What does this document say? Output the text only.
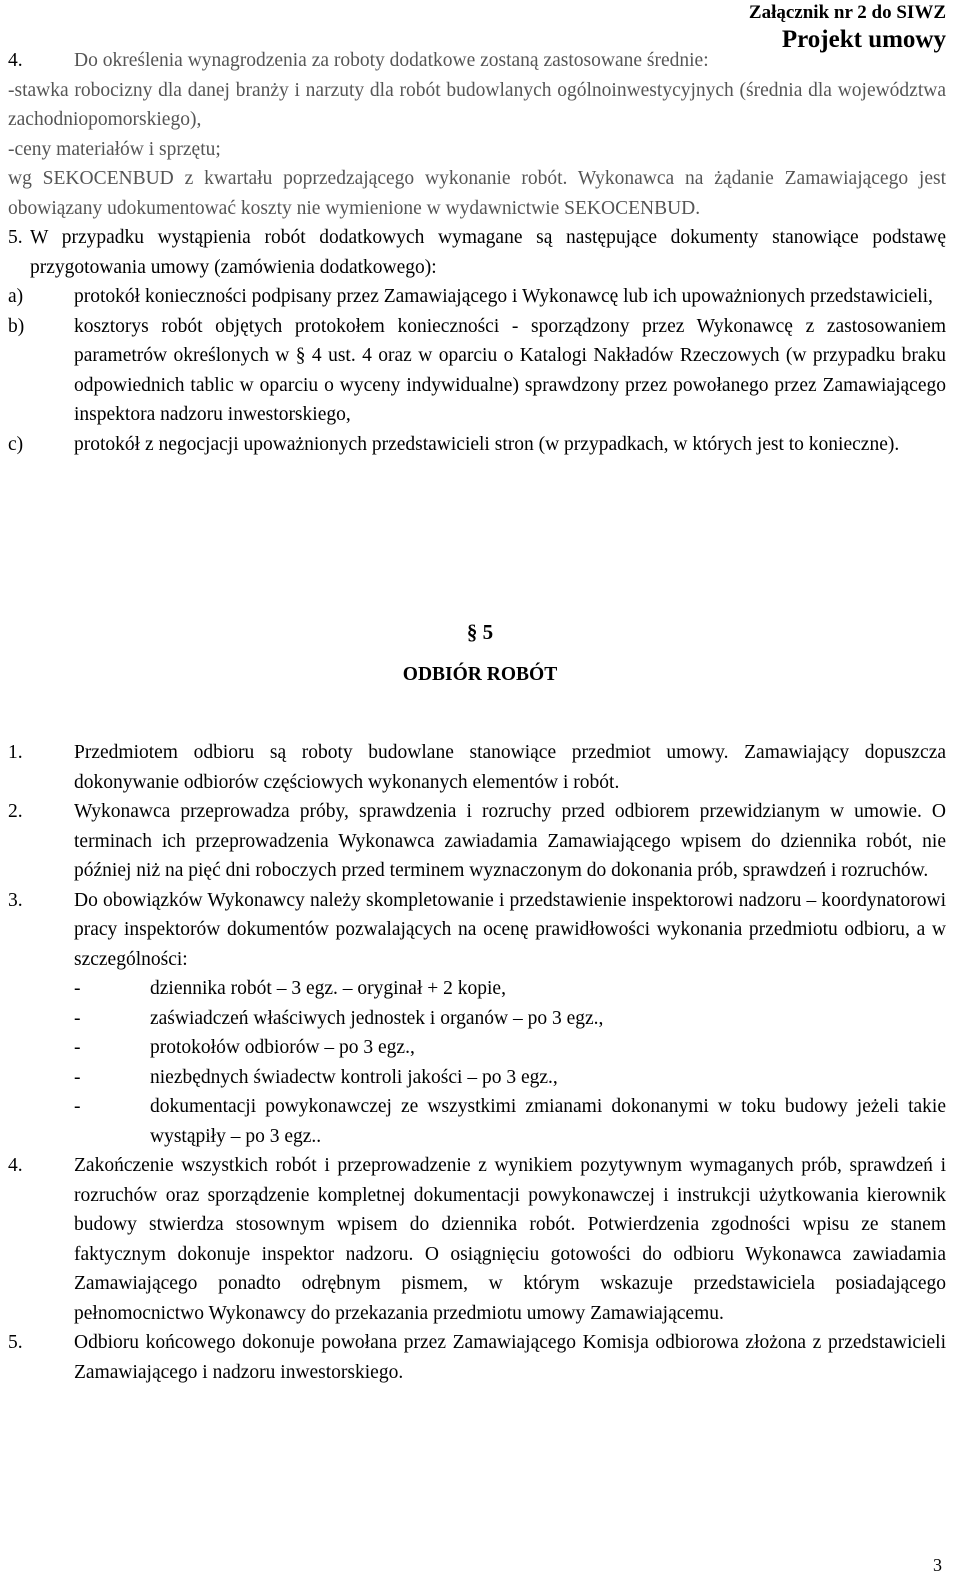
Załącznik nr 2 do SIWZ
Projekt umowy
4.	Do określenia wynagrodzenia za roboty dodatkowe zostaną zastosowane średnie:
-stawka robocizny dla danej branży i narzuty dla robót budowlanych ogólnoinwestycyjnych (średnia dla województwa zachodniopomorskiego),
-ceny materiałów i sprzętu;
wg SEKOCENBUD z kwartału poprzedzającego wykonanie robót. Wykonawca na żądanie Zamawiającego jest obowiązany udokumentować koszty nie wymienione w wydawnictwie SEKOCENBUD.
5. W przypadku wystąpienia robót dodatkowych wymagane są następujące dokumenty stanowiące podstawę przygotowania umowy (zamówienia dodatkowego):
a)	protokół konieczności podpisany przez Zamawiającego i Wykonawcę lub ich upoważnionych przedstawicieli,
b)	kosztorys robót objętych protokołem konieczności - sporządzony przez Wykonawcę z zastosowaniem parametrów określonych w § 4 ust. 4 oraz w oparciu o Katalogi Nakładów Rzeczowych (w przypadku braku odpowiednich tablic w oparciu o wyceny indywidualne) sprawdzony przez powołanego przez Zamawiającego inspektora nadzoru inwestorskiego,
c)	protokół z negocjacji upoważnionych przedstawicieli stron (w przypadkach, w których jest to konieczne).
§ 5
ODBIÓR ROBÓT
1.	Przedmiotem odbioru są roboty budowlane stanowiące przedmiot umowy. Zamawiający dopuszcza dokonywanie odbiorów częściowych wykonanych elementów i robót.
2.	Wykonawca przeprowadza próby, sprawdzenia i rozruchy przed odbiorem przewidzianym w umowie. O terminach ich przeprowadzenia Wykonawca zawiadamia Zamawiającego wpisem do dziennika robót, nie później niż na pięć dni roboczych przed terminem wyznaczonym do dokonania prób, sprawdzeń i rozruchów.
3.	Do obowiązków Wykonawcy należy skompletowanie i przedstawienie inspektorowi nadzoru – koordynatorowi pracy inspektorów dokumentów pozwalających na ocenę prawidłowości wykonania przedmiotu odbioru, a w szczególności:
-	dziennika robót – 3 egz. – oryginał + 2 kopie,
-	zaświadczeń właściwych jednostek i organów – po 3 egz.,
-	protokołów odbiorów – po 3 egz.,
-	niezbędnych świadectw kontroli jakości – po 3 egz.,
-	dokumentacji powykonawczej ze wszystkimi zmianami dokonanymi w toku budowy jeżeli takie wystąpiły – po 3 egz..
4.	Zakończenie wszystkich robót i przeprowadzenie z wynikiem pozytywnym wymaganych prób, sprawdzeń i rozruchów oraz sporządzenie kompletnej dokumentacji powykonawczej i instrukcji użytkowania kierownik budowy stwierdza stosownym wpisem do dziennika robót. Potwierdzenia zgodności wpisu ze stanem faktycznym dokonuje inspektor nadzoru. O osiągnięciu gotowości do odbioru Wykonawca zawiadamia Zamawiającego ponadto odrębnym pismem, w którym wskazuje przedstawiciela posiadającego pełnomocnictwo Wykonawcy do przekazania przedmiotu umowy Zamawiającemu.
5.	Odbioru końcowego dokonuje powołana przez Zamawiającego Komisja odbiorowa złożona z przedstawicieli Zamawiającego i nadzoru inwestorskiego.
3
